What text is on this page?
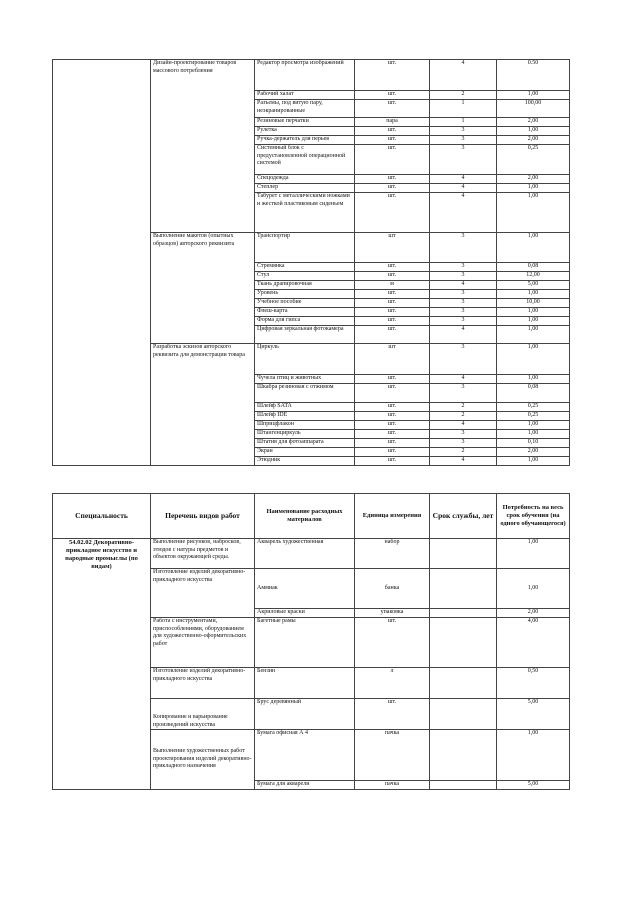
	Дизайн-проектирование товаров массового потребления	Редактор просмотра изображений	шт.	4	0.50
		Рабочий халат	шт.	2	1,00
		Разъемы, под витую пару, неэкранированные	шт.	1	100,00
		Резиновые перчатки	пара	1	2,00
		Рулетка	шт.	3	1,00
		Ручка-держатель для перьев	шт.	3	2,00
		Системный блок с предустановленной операционной системой	шт.	3	0,25
		Спецодежда	шт.	4	2,00
		Степлер	шт.	4	1,00
		Табурет с металлическими ножками и жесткой пластиковым сиденьем	шт.	4	1,00
	Выполнение макетов (опытных образцов) авторского реквизита	Транспортир	шт	3	1,00
		Стремянка	шт.	3	0,08
		Стул	шт.	3	12,00
		Ткань драпировочная	м	4	5,00
		Уровень	шт.	3	1,00
		Учебное пособие	шт.	3	10,00
		Флеш-карта	шт.	3	1,00
		Форма для гипса	шт.	3	1,00
		Цифровая зеркальная фотокамера	шт.	4	1,00
	Разработка эскизов авторского реквизита для демонстрации товара	Циркуль	шт	3	1,00
		Чучела птиц и животных	шт.	4	1,00
		Шкабра резиновая с отжимом	шт.	3	0,08
		Шлейф SATA	шт.	2	0,25
		Шлейф IDE	шт.	2	0,25
		Шприцфлакон	шт.	4	1,00
		Штангенциркуль	шт.	3	1,00
		Штатив для фотоаппарата	шт.	3	0,10
		Экран	шт.	2	2,00
		Этюдник	шт.	4	1,00
Специальность	Перечень видов работ	Наименование расходных материалов	Единица измерения	Срок службы, лет	Потребность на весь срок обучения (на одного обучающегося)
54.02.02 Декоративно-прикладное искусство и народные промыслы (по видам)	Выполнение рисунков, набросков, этюдов с натуры предметов и объектов окружающей среды.	Акварель художественная	набор		1,00
	Изготовление изделий декоративно-прикладного искусства	Аммиак	банка		1,00
		Акриловые краски	упаковка		2,00
	Работа с инструментами, приспособлениями, оборудованием для художественно-оформительских работ	Багетные рамы	шт.		4,00
	Изготовление изделий декоративно-прикладного искусства	Бензин	л		0,50
	Копирование и варьирование произведений искусства	Брус деревянный	шт.		5,00
	Выполнение художественных работ проектирования изделий декоративно-прикладного назначения	Бумага офисная А 4	пачка		1,00
		Бумага для акварели	пачка		5,00
